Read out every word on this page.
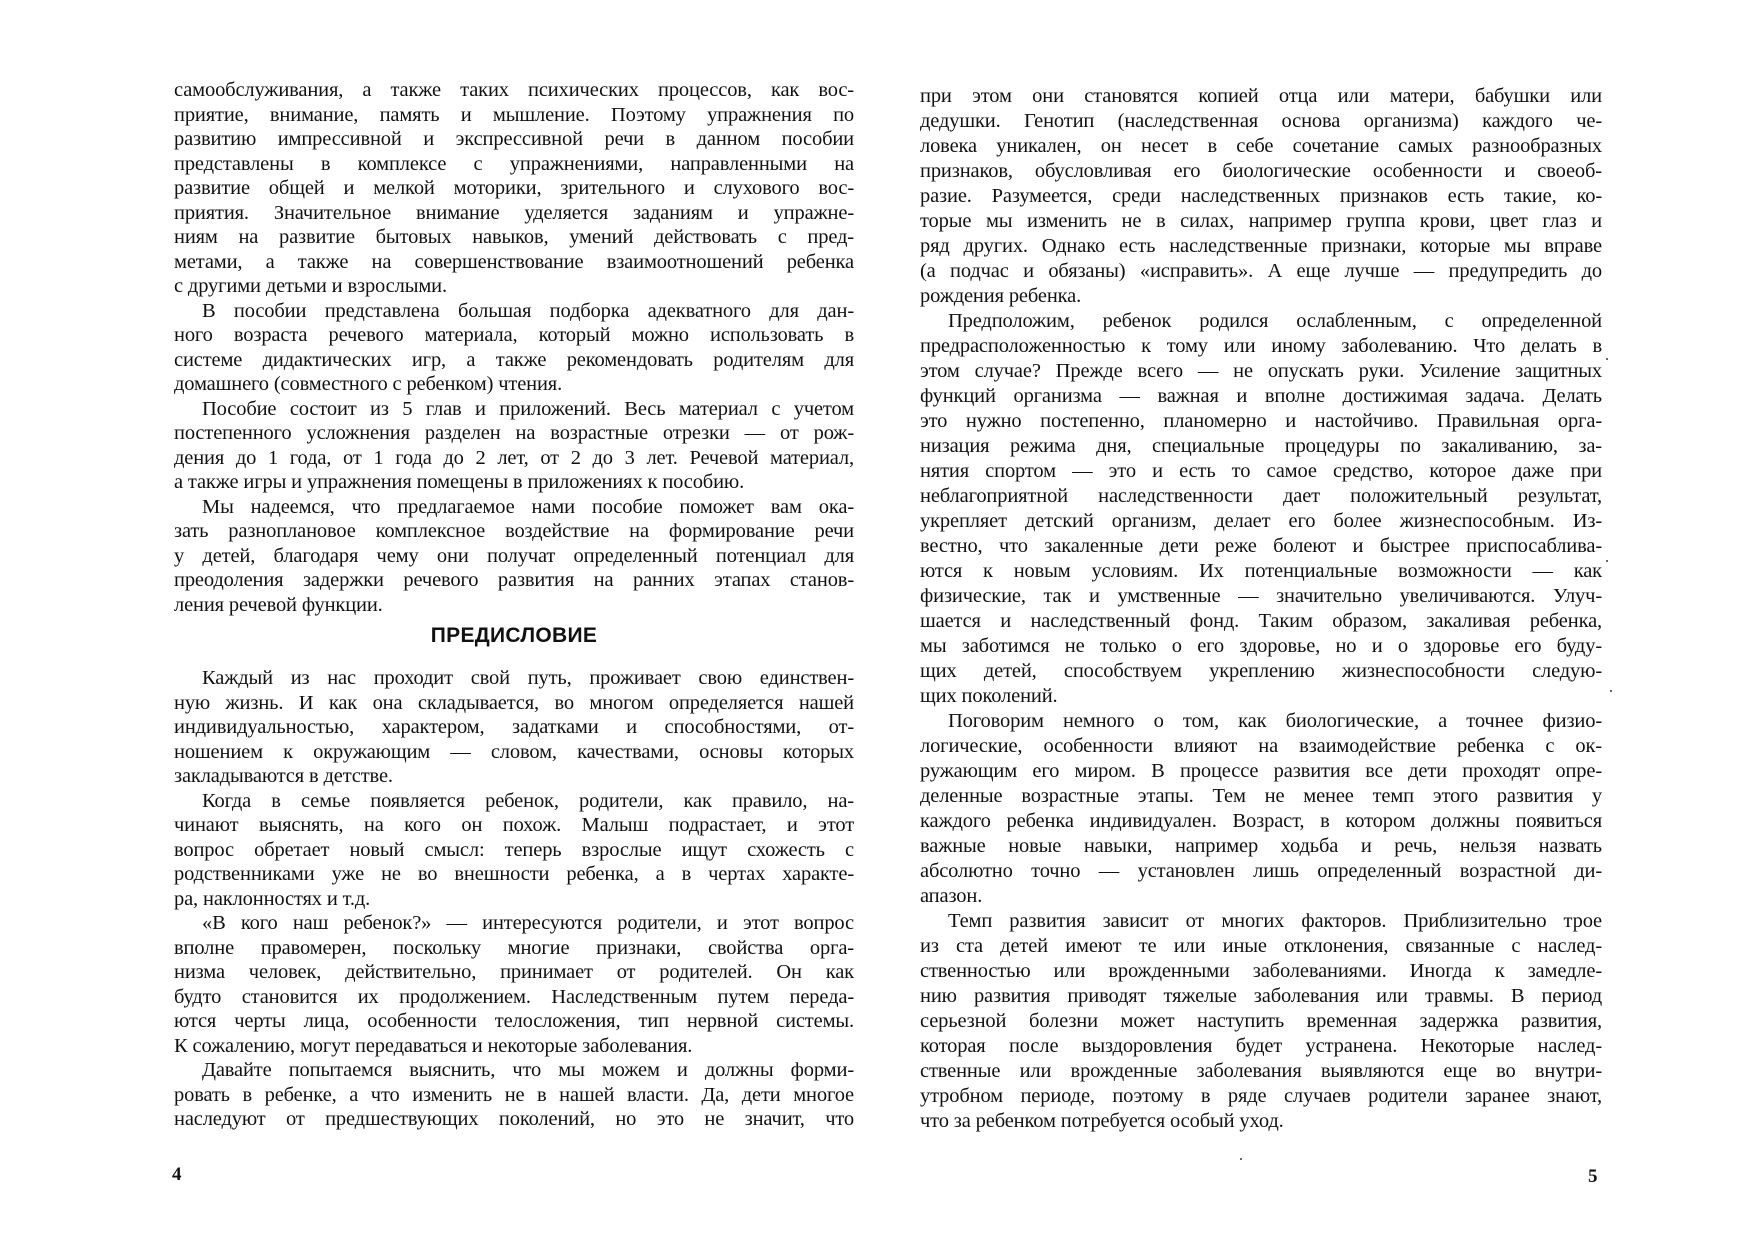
самообслуживания, а также таких психических процессов, как вос-
приятие, внимание, память и мышление. Поэтому упражнения по
развитию импрессивной и экспрессивной речи в данном пособии
представлены в комплексе с упражнениями, направленными на
развитие общей и мелкой моторики, зрительного и слухового вос-
приятия. Значительное внимание уделяется заданиям и упражне-
ниям на развитие бытовых навыков, умений действовать с пред-
метами, а также на совершенствование взаимоотношений ребенка
с другими детьми и взрослыми.
В пособии представлена большая подборка адекватного для дан-
ного возраста речевого материала, который можно использовать в
системе дидактических игр, а также рекомендовать родителям для
домашнего (совместного с ребенком) чтения.
Пособие состоит из 5 глав и приложений. Весь материал с учетом
постепенного усложнения разделен на возрастные отрезки — от рож-
дения до 1 года, от 1 года до 2 лет, от 2 до 3 лет. Речевой материал,
а также игры и упражнения помещены в приложениях к пособию.
Мы надеемся, что предлагаемое нами пособие поможет вам ока-
зать разноплановое комплексное воздействие на формирование речи
у детей, благодаря чему они получат определенный потенциал для
преодоления задержки речевого развития на ранних этапах станов-
ления речевой функции.
ПРЕДИСЛОВИЕ
Каждый из нас проходит свой путь, проживает свою единствен-
ную жизнь. И как она складывается, во многом определяется нашей
индивидуальностью, характером, задатками и способностями, от-
ношением к окружающим — словом, качествами, основы которых
закладываются в детстве.
Когда в семье появляется ребенок, родители, как правило, на-
чинают выяснять, на кого он похож. Малыш подрастает, и этот
вопрос обретает новый смысл: теперь взрослые ищут схожесть с
родственниками уже не во внешности ребенка, а в чертах характе-
ра, наклонностях и т.д.
«В кого наш ребенок?» — интересуются родители, и этот вопрос
вполне правомерен, поскольку многие признаки, свойства орга-
низма человек, действительно, принимает от родителей. Он как
будто становится их продолжением. Наследственным путем переда-
ются черты лица, особенности телосложения, тип нервной системы.
К сожалению, могут передаваться и некоторые заболевания.
Давайте попытаемся выяснить, что мы можем и должны форми-
ровать в ребенке, а что изменить не в нашей власти. Да, дети многое
наследуют от предшествующих поколений, но это не значит, что
4
при этом они становятся копией отца или матери, бабушки или
дедушки. Генотип (наследственная основа организма) каждого че-
ловека уникален, он несет в себе сочетание самых разнообразных
признаков, обусловливая его биологические особенности и своеоб-
разие. Разумеется, среди наследственных признаков есть такие, ко-
торые мы изменить не в силах, например группа крови, цвет глаз и
ряд других. Однако есть наследственные признаки, которые мы вправе
(а подчас и обязаны) «исправить». А еще лучше — предупредить до
рождения ребенка.
Предположим, ребенок родился ослабленным, с определенной
предрасположенностью к тому или иному заболеванию. Что делать в
этом случае? Прежде всего — не опускать руки. Усиление защитных
функций организма — важная и вполне достижимая задача. Делать
это нужно постепенно, планомерно и настойчиво. Правильная орга-
низация режима дня, специальные процедуры по закаливанию, за-
нятия спортом — это и есть то самое средство, которое даже при
неблагоприятной наследственности дает положительный результат,
укрепляет детский организм, делает его более жизнеспособным. Из-
вестно, что закаленные дети реже болеют и быстрее приспосаблива-
ются к новым условиям. Их потенциальные возможности — как
физические, так и умственные — значительно увеличиваются. Улуч-
шается и наследственный фонд. Таким образом, закаливая ребенка,
мы заботимся не только о его здоровье, но и о здоровье его буду-
щих детей, способствуем укреплению жизнеспособности следую-
щих поколений.
Поговорим немного о том, как биологические, а точнее физио-
логические, особенности влияют на взаимодействие ребенка с ок-
ружающим его миром. В процессе развития все дети проходят опре-
деленные возрастные этапы. Тем не менее темп этого развития у
каждого ребенка индивидуален. Возраст, в котором должны появиться
важные новые навыки, например ходьба и речь, нельзя назвать
абсолютно точно — установлен лишь определенный возрастной ди-
апазон.
Темп развития зависит от многих факторов. Приблизительно трое
из ста детей имеют те или иные отклонения, связанные с наслед-
ственностью или врожденными заболеваниями. Иногда к замедле-
нию развития приводят тяжелые заболевания или травмы. В период
серьезной болезни может наступить временная задержка развития,
которая после выздоровления будет устранена. Некоторые наслед-
ственные или врожденные заболевания выявляются еще во внутри-
утробном периоде, поэтому в ряде случаев родители заранее знают,
что за ребенком потребуется особый уход.
5
